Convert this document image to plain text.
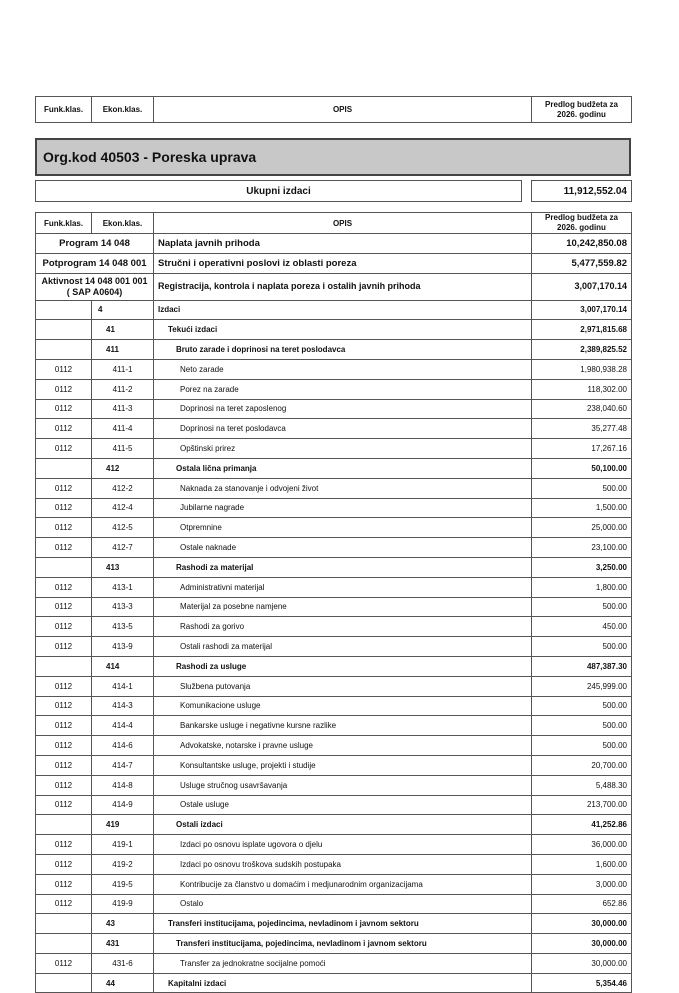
Funk.klas.	Ekon.klas.	OPIS	Predlog budžeta za
2026. godinu
Org.kod 40503 - Poreska uprava
Ukupni izdaci		11,912,552.04
Funk.klas.	Ekon.klas.	OPIS	Predlog budžeta za
2026. godinu
Program 14 048		Naplata javnih prihoda	10,242,850.08
Potprogram 14 048 001		Stručni i operativni poslovi iz oblasti poreza	5,477,559.82
Aktivnost 14 048 001 001 ( SAP A0604)		Registracija, kontrola i naplata poreza i ostalih javnih prihoda	3,007,170.14
	4	Izdaci	3,007,170.14
	41	Tekući izdaci	2,971,815.68
	411	Bruto zarade i doprinosi na teret poslodavca	2,389,825.52
0112	411-1	Neto zarade	1,980,938.28
0112	411-2	Porez na zarade	118,302.00
0112	411-3	Doprinosi na teret zaposlenog	238,040.60
0112	411-4	Doprinosi na teret poslodavca	35,277.48
0112	411-5	Opštinski prirez	17,267.16
	412	Ostala lična primanja	50,100.00
0112	412-2	Naknada za stanovanje i odvojeni život	500.00
0112	412-4	Jubilarne nagrade	1,500.00
0112	412-5	Otpremnine	25,000.00
0112	412-7	Ostale naknade	23,100.00
	413	Rashodi za materijal	3,250.00
0112	413-1	Administrativni materijal	1,800.00
0112	413-3	Materijal za posebne namjene	500.00
0112	413-5	Rashodi za gorivo	450.00
0112	413-9	Ostali rashodi za materijal	500.00
	414	Rashodi za usluge	487,387.30
0112	414-1	Službena putovanja	245,999.00
0112	414-3	Komunikacione usluge	500.00
0112	414-4	Bankarske usluge i negativne kursne razlike	500.00
0112	414-6	Advokatske, notarske i pravne usluge	500.00
0112	414-7	Konsultantske usluge, projekti i studije	20,700.00
0112	414-8	Usluge stručnog usavršavanja	5,488.30
0112	414-9	Ostale usluge	213,700.00
	419	Ostali izdaci	41,252.86
0112	419-1	Izdaci po osnovu isplate ugovora o djelu	36,000.00
0112	419-2	Izdaci po osnovu troškova sudskih postupaka	1,600.00
0112	419-5	Kontribucije za članstvo u domaćim i medjunarodnim organizacijama	3,000.00
0112	419-9	Ostalo	652.86
	43	Transferi institucijama, pojedincima, nevladinom i javnom sektoru	30,000.00
	431	Transferi institucijama, pojedincima, nevladinom i javnom sektoru	30,000.00
0112	431-6	Transfer za jednokratne socijalne pomoći	30,000.00
	44	Kapitalni izdaci	5,354.46
